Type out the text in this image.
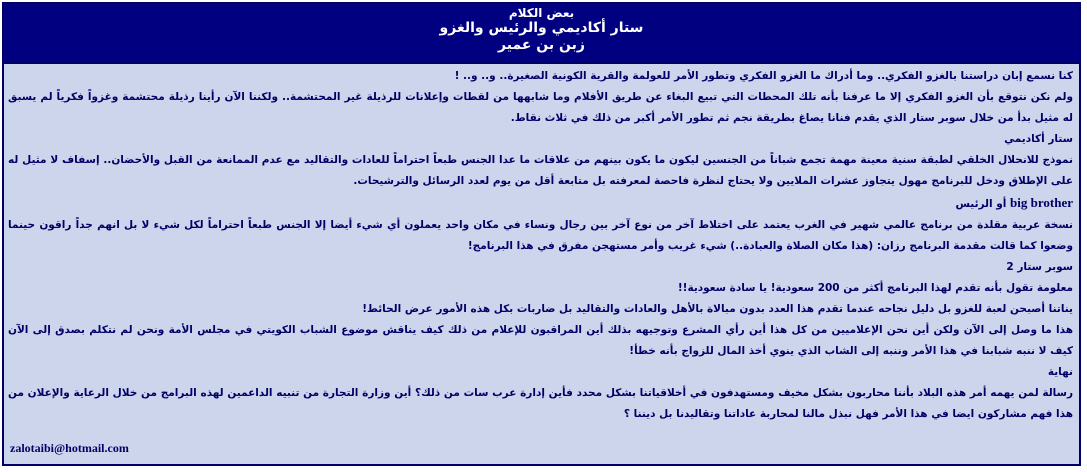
بعض الكلام
ستار أكاديمي والرئيس والغزو
زبن بن عمير

كنا نسمع إبان دراستنا بالغزو الفكري.. وما أدراك ما الغزو الفكري وتطور الأمر للعولمة والقرية الكونية الصغيرة.. و.. و.. !

ولم نكن نتوقع بأن الغزو الفكري إلا ما عرفنا بأنه تلك المحطات التي تبيع البغاء عن طريق الأفلام وما شابهها من لقطات وإعلانات للرذيلة غير المحتشمة.. ولكننا الآن رأينا رذيلة محتشمة وغزواً فكرياً لم يسبق له مثيل بدأ من خلال سوبر ستار الذي يقدم فنانا يصاغ بطريقة نجم ثم تطور الأمر أكبر من ذلك في ثلاث نقاط.

ستار أكاديمي

نموذج للانحلال الخلقي لطبقة سنية معينة مهمة تجمع شباناً من الجنسين ليكون ما يكون بينهم من علاقات ما عدا الجنس طبعاً احتراماً للعادات والتقاليد مع عدم الممانعة من القبل والأحضان.. إسفاف لا مثيل له على الإطلاق ودخل للبرنامج مهول يتجاوز عشرات الملايين ولا يحتاج لنظرة فاحصة لمعرفته بل متابعة أقل من يوم لعدد الرسائل والترشيحات.

big brother أو الرئيس

نسخة عربية مقلدة من برنامج عالمي شهير في الغرب يعتمد على اختلاط آخر من نوع آخر بين رجال ونساء في مكان واحد يعملون أي شيء أيضا إلا الجنس طبعاً احتراماً لكل شيء لا بل انهم جداً راقون حينما وضعوا كما قالت مقدمة البرنامج رزان: (هذا مكان الصلاة والعبادة..) شيء غريب وأمر مستهجن مفرق في هذا البرنامج!

سوبر ستار 2

معلومة تقول بأنه تقدم لهذا البرنامج أكثر من 200 سعودية! يا سادة سعودية!!

يناتنا أصبحن لعبة للغزو بل دليل نجاحه عندما تقدم هذا العدد بدون مبالاة بالأهل والعادات والتقاليد بل ضاربات بكل هذه الأمور عرض الحائط!

هذا ما وصل إلى الآن ولكن أين نحن الإعلاميين من كل هذا أين رأي المشرع وتوجيهه بذلك أين المراقبون للإعلام من ذلك كيف يناقش موضوع الشباب الكويتي في مجلس الأمة ونحن لم نتكلم بصدق إلى الآن كيف لا ننبه شبابنا في هذا الأمر وننبه إلى الشاب الذي ينوي أخذ المال للزواج بأنه خطأ!

نهاية

رسالة لمن يهمه أمر هذه البلاد بأننا محاربون بشكل مخيف ومستهدفون في أخلاقياتنا بشكل محدد فأين إدارة عرب سات من ذلك؟ أين وزارة التجارة من تنبيه الداعمين لهذه البرامج من خلال الرعاية والإعلان من هذا فهم مشاركون ايضا في هذا الأمر فهل نبذل مالنا لمحاربة عاداتنا وتقاليدنا بل ديننا ؟

zalotaibi@hotmail.com
